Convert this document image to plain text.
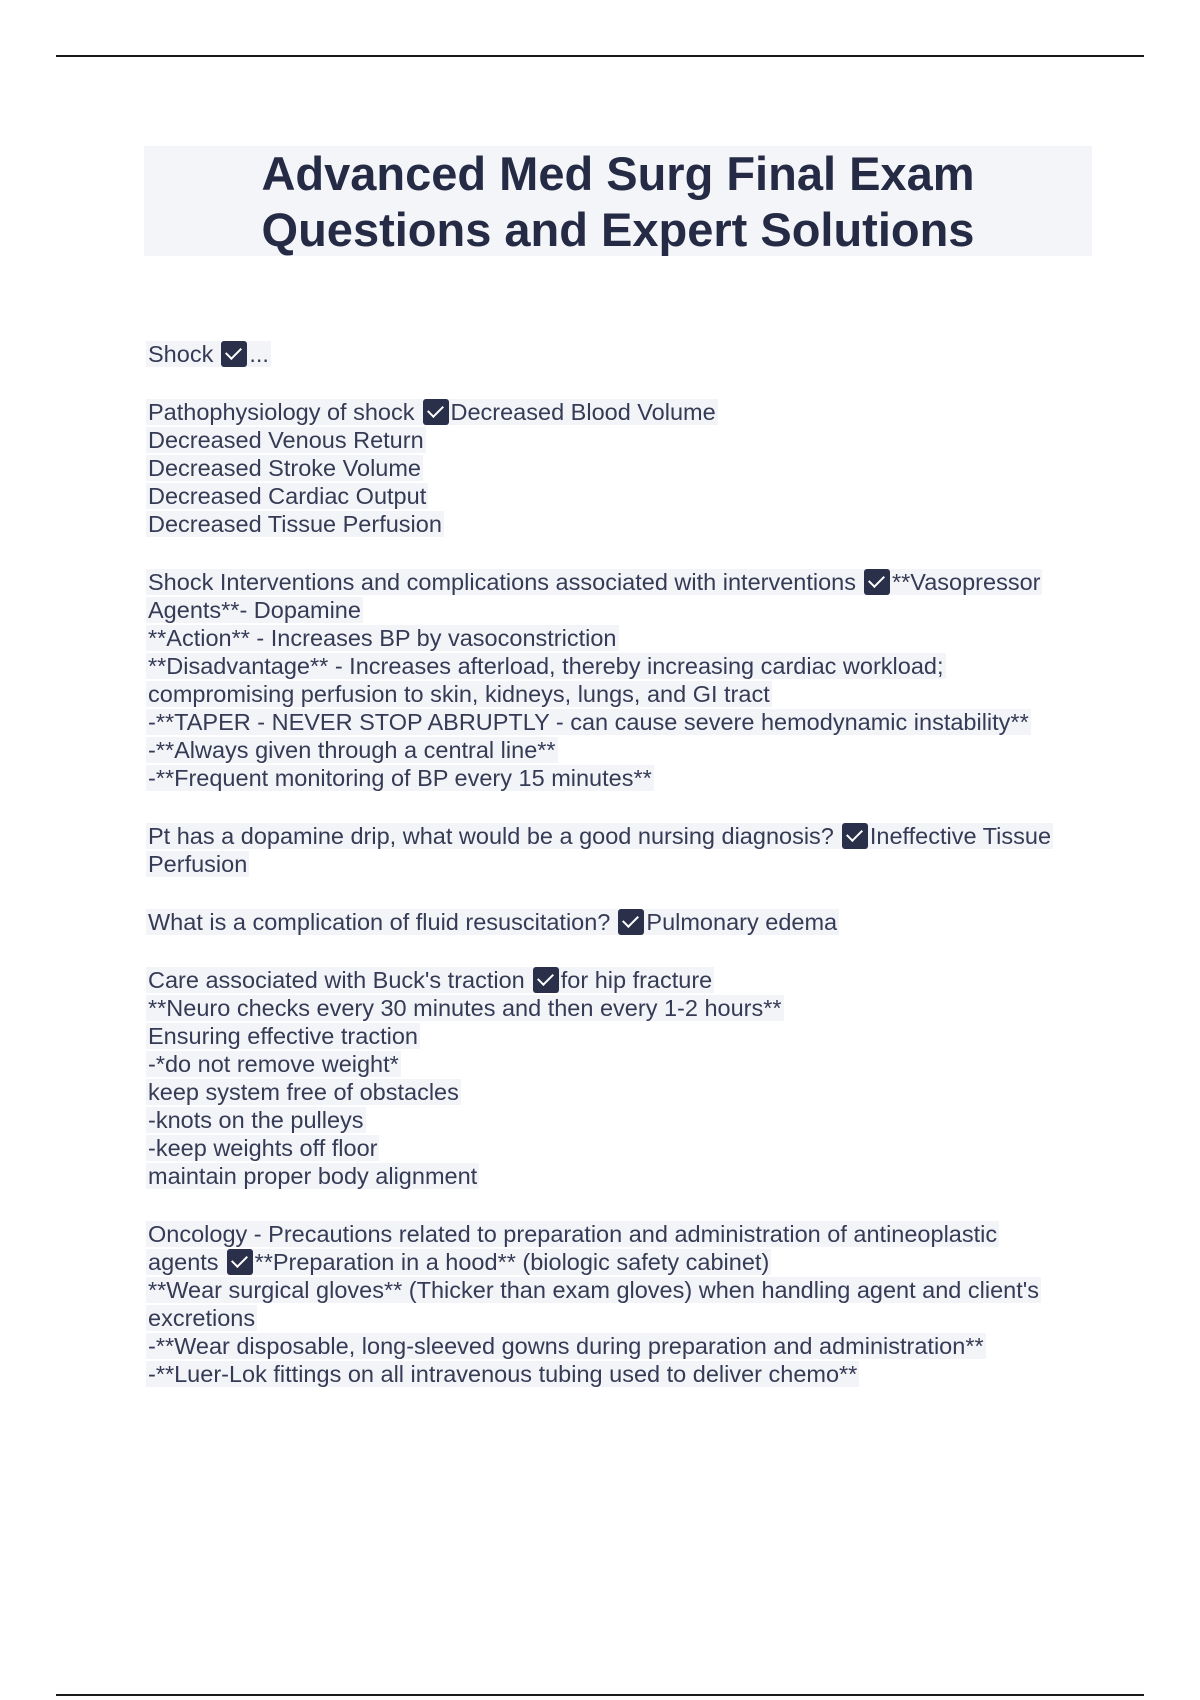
Advanced Med Surg Final Exam

Questions and Expert Solutions

Shock ...
Pathophysiology of shock Decreased Blood Volume
Decreased Venous Return
Decreased Stroke Volume
Decreased Cardiac Output
Decreased Tissue Perfusion
Shock Interventions and complications associated with interventions **Vasopressor
Agents**- Dopamine
**Action** - Increases BP by vasoconstriction
**Disadvantage** - Increases afterload, thereby increasing cardiac workload;
compromising perfusion to skin, kidneys, lungs, and GI tract
-**TAPER - NEVER STOP ABRUPTLY - can cause severe hemodynamic instability**
-**Always given through a central line**
-**Frequent monitoring of BP every 15 minutes**
Pt has a dopamine drip, what would be a good nursing diagnosis? Ineffective Tissue
Perfusion
What is a complication of fluid resuscitation? Pulmonary edema
Care associated with Buck's traction for hip fracture
**Neuro checks every 30 minutes and then every 1-2 hours**
Ensuring effective traction
-*do not remove weight*
keep system free of obstacles
-knots on the pulleys
-keep weights off floor
maintain proper body alignment
Oncology - Precautions related to preparation and administration of antineoplastic
agents **Preparation in a hood** (biologic safety cabinet)
**Wear surgical gloves** (Thicker than exam gloves) when handling agent and client's
excretions
-**Wear disposable, long-sleeved gowns during preparation and administration**
-**Luer-Lok fittings on all intravenous tubing used to deliver chemo**
